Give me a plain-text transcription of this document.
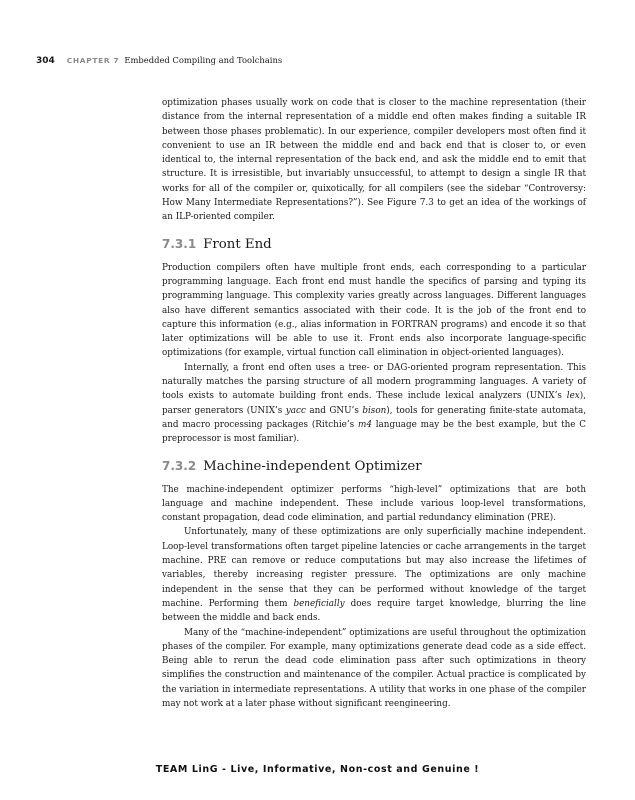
304 CHAPTER 7 Embedded Compiling and Toolchains

optimization phases usually work on code that is closer to the machine representation (their distance from the internal representation of a middle end often makes finding a suitable IR between those phases problematic). In our experience, compiler developers most often find it convenient to use an IR between the middle end and back end that is closer to, or even identical to, the internal representation of the back end, and ask the middle end to emit that structure. It is irresistible, but invariably unsuccessful, to attempt to design a single IR that works for all of the compiler or, quixotically, for all compilers (see the sidebar “Controversy: How Many Intermediate Representations?”). See Figure 7.3 to get an idea of the workings of an ILP-oriented compiler.

7.3.1 Front End

Production compilers often have multiple front ends, each corresponding to a particular programming language. Each front end must handle the specifics of parsing and typing its programming language. This complexity varies greatly across languages. Different languages also have different semantics associated with their code. It is the job of the front end to capture this information (e.g., alias information in FORTRAN programs) and encode it so that later optimizations will be able to use it. Front ends also incorporate language-specific optimizations (for example, virtual function call elimination in object-oriented languages).

Internally, a front end often uses a tree- or DAG-oriented program representation. This naturally matches the parsing structure of all modern programming languages. A variety of tools exists to automate building front ends. These include lexical analyzers (UNIX’s lex), parser generators (UNIX’s yacc and GNU’s bison), tools for generating finite-state automata, and macro processing packages (Ritchie’s m4 language may be the best example, but the C preprocessor is most familiar).

7.3.2 Machine-independent Optimizer

The machine-independent optimizer performs “high-level” optimizations that are both language and machine independent. These include various loop-level transformations, constant propagation, dead code elimination, and partial redundancy elimination (PRE).

Unfortunately, many of these optimizations are only superficially machine independent. Loop-level transformations often target pipeline latencies or cache arrangements in the target machine. PRE can remove or reduce computations but may also increase the lifetimes of variables, thereby increasing register pressure. The optimizations are only machine independent in the sense that they can be performed without knowledge of the target machine. Performing them beneficially does require target knowledge, blurring the line between the middle and back ends.

Many of the “machine-independent” optimizations are useful throughout the optimization phases of the compiler. For example, many optimizations generate dead code as a side effect. Being able to rerun the dead code elimination pass after such optimizations in theory simplifies the construction and maintenance of the compiler. Actual practice is complicated by the variation in intermediate representations. A utility that works in one phase of the compiler may not work at a later phase without significant reengineering.

TEAM LinG - Live, Informative, Non-cost and Genuine !
